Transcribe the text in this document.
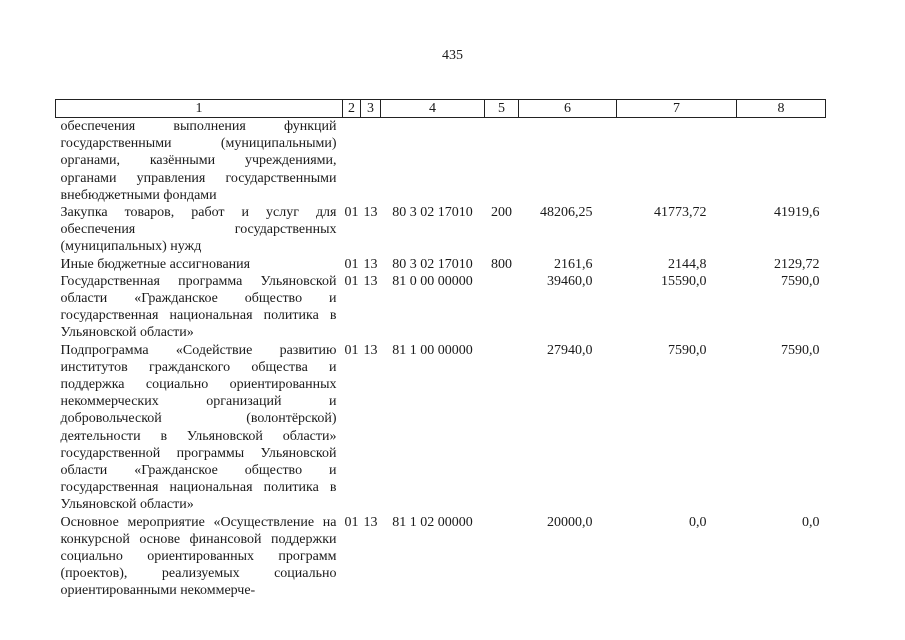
435
1	2	3	4	5	6	7	8
обеспечения выполнения функций государственными (муниципальными) органами, казёнными учреждениями, органами управления государственными внебюджетными фондами							
Закупка товаров, работ и услуг для обеспечения государственных (муниципальных) нужд	01	13	80 3 02 17010	200	48206,25	41773,72	41919,6
Иные бюджетные ассигнования	01	13	80 3 02 17010	800	2161,6	2144,8	2129,72
Государственная программа Ульяновской области «Гражданское общество и государственная национальная политика в Ульяновской области»	01	13	81 0 00 00000		39460,0	15590,0	7590,0
Подпрограмма «Содействие развитию институтов гражданского общества и поддержка социально ориентированных некоммерческих организаций и добровольческой (волонтёрской) деятельности в Ульяновской области» государственной программы Ульяновской области «Гражданское общество и государственная национальная политика в Ульяновской области»	01	13	81 1 00 00000		27940,0	7590,0	7590,0
Основное мероприятие «Осуществление на конкурсной основе финансовой поддержки социально ориентированных программ (проектов), реализуемых социально ориентированными некоммерче-	01	13	81 1 02 00000		20000,0	0,0	0,0
